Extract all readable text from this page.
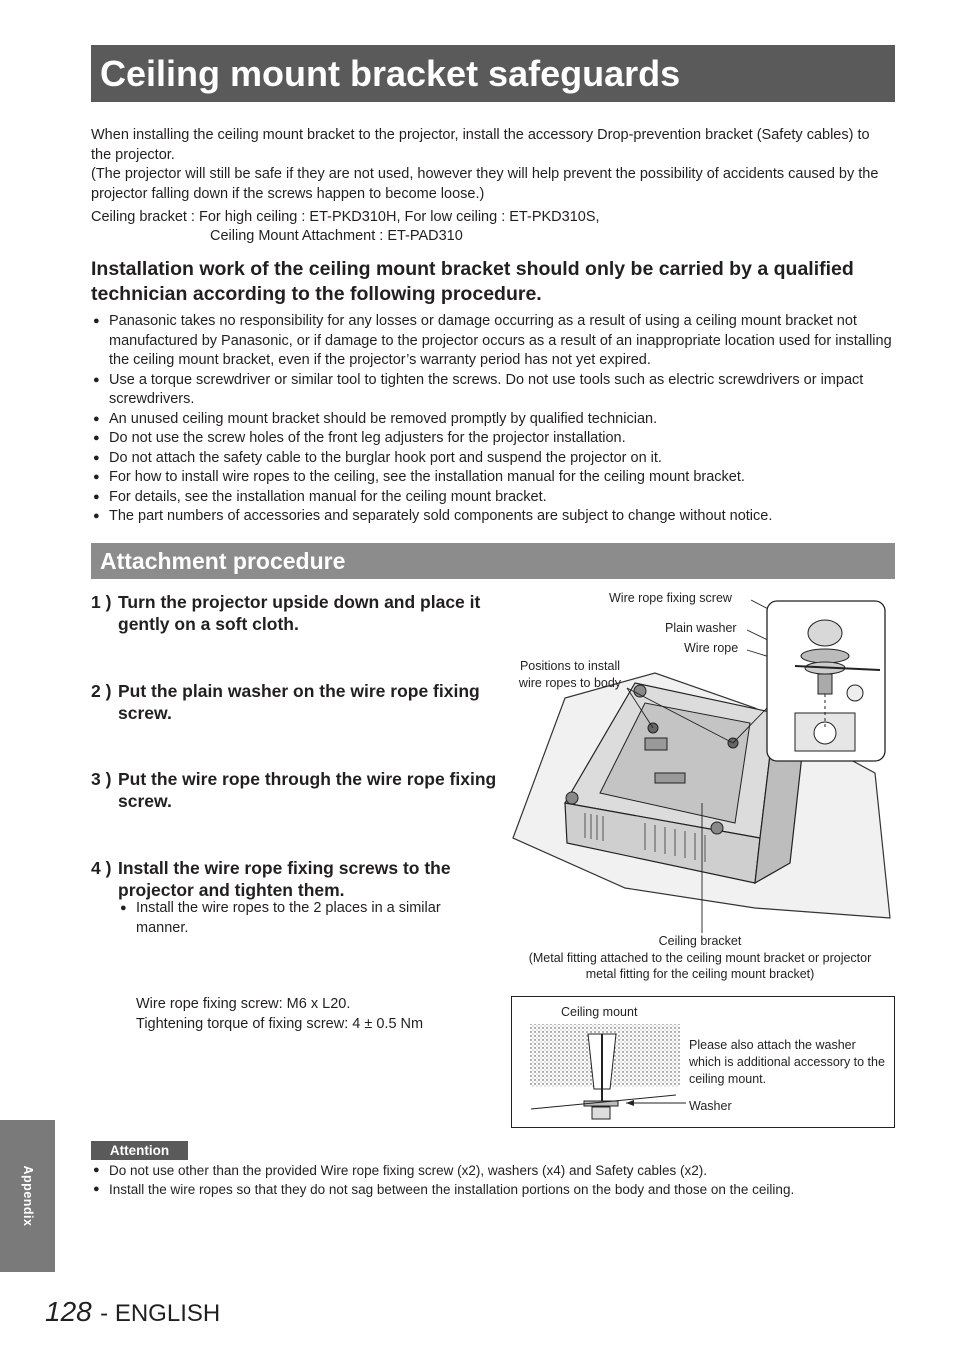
Ceiling mount bracket safeguards
When installing the ceiling mount bracket to the projector, install the accessory Drop-prevention bracket (Safety cables) to the projector.
(The projector will still be safe if they are not used, however they will help prevent the possibility of accidents caused by the projector falling down if the screws happen to become loose.)
Ceiling bracket : For high ceiling : ET-PKD310H, For low ceiling : ET-PKD310S,
Ceiling Mount Attachment : ET-PAD310
Installation work of the ceiling mount bracket should only be carried by a qualified technician according to the following procedure.
● Panasonic takes no responsibility for any losses or damage occurring as a result of using a ceiling mount bracket not manufactured by Panasonic, or if damage to the projector occurs as a result of an inappropriate location used for installing the ceiling mount bracket, even if the projector’s warranty period has not yet expired.
● Use a torque screwdriver or similar tool to tighten the screws. Do not use tools such as electric screwdrivers or impact screwdrivers.
● An unused ceiling mount bracket should be removed promptly by qualified technician.
● Do not use the screw holes of the front leg adjusters for the projector installation.
● Do not attach the safety cable to the burglar hook port and suspend the projector on it.
● For how to install wire ropes to the ceiling, see the installation manual for the ceiling mount bracket.
● For details, see the installation manual for the ceiling mount bracket.
● The part numbers of accessories and separately sold components are subject to change without notice.
Attachment procedure
1 ) Turn the projector upside down and place it gently on a soft cloth.
2 ) Put the plain washer on the wire rope fixing screw.
3 ) Put the wire rope through the wire rope fixing screw.
4 ) Install the wire rope fixing screws to the projector and tighten them.
● Install the wire ropes to the 2 places in a similar manner.
Wire rope fixing screw: M6 x L20.
Tightening torque of fixing screw: 4 ± 0.5 Nm
Wire rope fixing screw
Plain washer
Wire rope
Positions to install
wire ropes to body
Ceiling bracket
(Metal fitting attached to the ceiling mount bracket or projector
metal fitting for the ceiling mount bracket)
Ceiling mount
Please also attach the washer which is additional accessory to the ceiling mount.
Washer
Appendix
Attention
● Do not use other than the provided Wire rope fixing screw (x2), washers (x4) and Safety cables (x2).
● Install the wire ropes so that they do not sag between the installation portions on the body and those on the ceiling.
128 - ENGLISH
